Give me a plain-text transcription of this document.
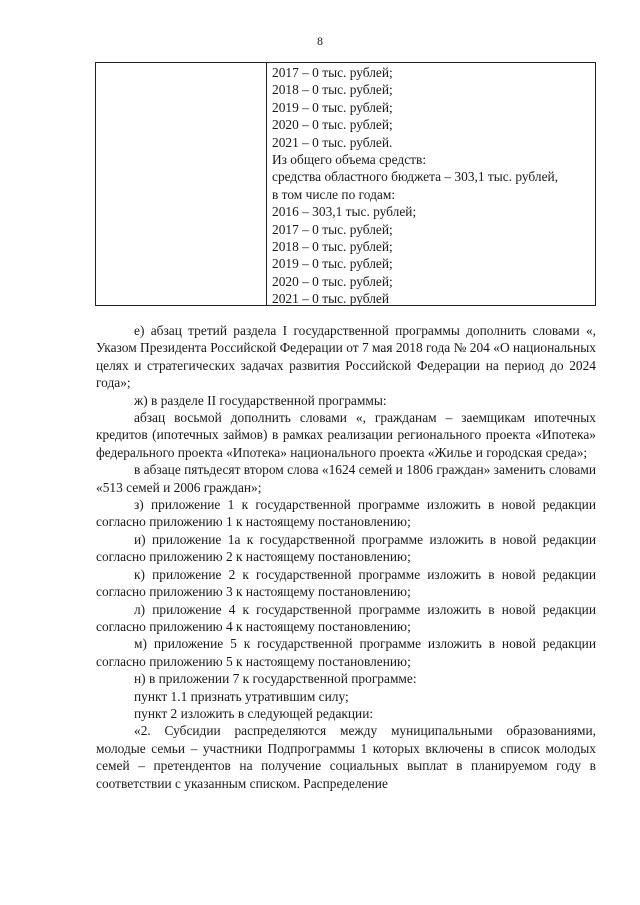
8
2017 – 0 тыс. рублей;
2018 – 0 тыс. рублей;
2019 – 0 тыс. рублей;
2020 – 0 тыс. рублей;
2021 – 0 тыс. рублей.
Из общего объема средств:
средства областного бюджета – 303,1 тыс. рублей,
в том числе по годам:
2016 – 303,1 тыс. рублей;
2017 – 0 тыс. рублей;
2018 – 0 тыс. рублей;
2019 – 0 тыс. рублей;
2020 – 0 тыс. рублей;
2021 – 0 тыс. рублей

е) абзац третий раздела I государственной программы дополнить словами «, Указом Президента Российской Федерации от 7 мая 2018 года № 204 «О национальных целях и стратегических задачах развития Российской Федерации на период до 2024 года»;

ж) в разделе II государственной программы:

абзац восьмой дополнить словами «, гражданам – заемщикам ипотечных кредитов (ипотечных займов) в рамках реализации регионального проекта «Ипотека» федерального проекта «Ипотека» национального проекта «Жилье и городская среда»;

в абзаце пятьдесят втором слова «1624 семей и 1806 граждан» заменить словами «513 семей и 2006 граждан»;

з) приложение 1 к государственной программе изложить в новой редакции согласно приложению 1 к настоящему постановлению;

и) приложение 1а к государственной программе изложить в новой редакции согласно приложению 2 к настоящему постановлению;

к) приложение 2 к государственной программе изложить в новой редакции согласно приложению 3 к настоящему постановлению;

л) приложение 4 к государственной программе изложить в новой редакции согласно приложению 4 к настоящему постановлению;

м) приложение 5 к государственной программе изложить в новой редакции согласно приложению 5 к настоящему постановлению;

н) в приложении 7 к государственной программе:

пункт 1.1 признать утратившим силу;

пункт 2 изложить в следующей редакции:

«2. Субсидии распределяются между муниципальными образованиями, молодые семьи – участники Подпрограммы 1 которых включены в список молодых семей – претендентов на получение социальных выплат в планируемом году в соответствии с указанным списком. Распределение
